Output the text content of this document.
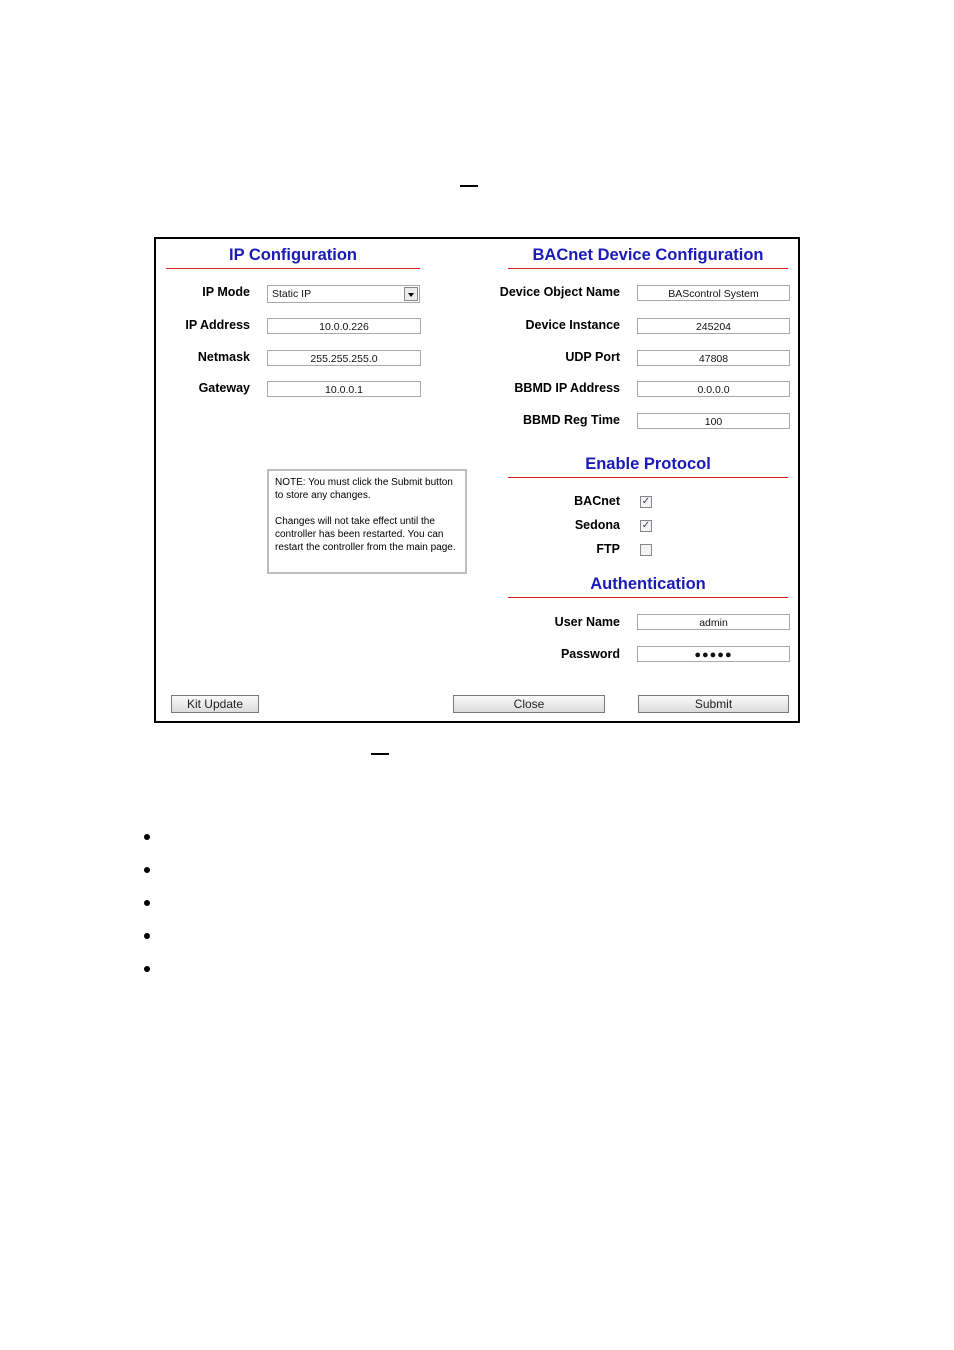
IP Configuration
IP Mode	Static IP
IP Address	10.0.0.226
Netmask	255.255.255.0
Gateway	10.0.0.1

NOTE: You must click the Submit button to store any changes.

Changes will not take effect until the controller has been restarted. You can restart the controller from the main page.

BACnet Device Configuration
Device Object Name	BAScontrol System
Device Instance	245204
UDP Port	47808
BBMD IP Address	0.0.0.0
BBMD Reg Time	100
Enable Protocol
BACnet ✓
Sedona ✓
FTP
Authentication
User Name	admin
Password	●●●●●
Kit Update	Close	Submit
